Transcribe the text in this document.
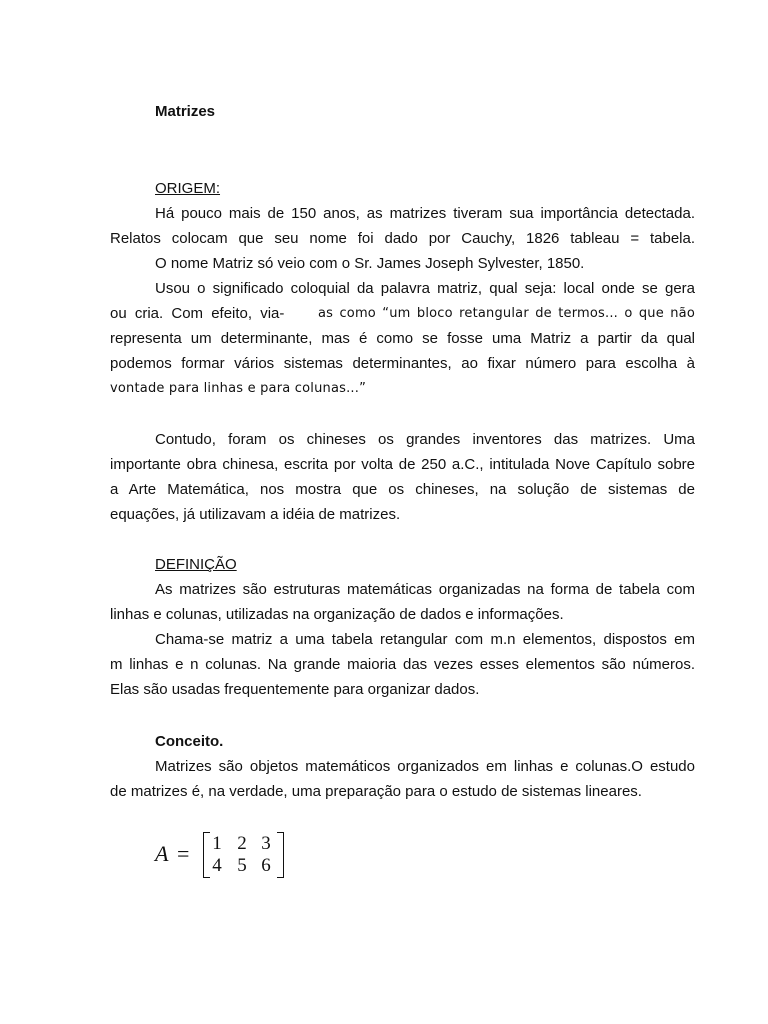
Matrizes
ORIGEM:
Há pouco mais de 150 anos, as matrizes tiveram sua importância detectada.
Relatos colocam que seu nome foi dado por Cauchy, 1826 tableau = tabela.
O nome Matriz só veio com o Sr. James Joseph Sylvester, 1850.
Usou o significado coloquial da palavra matriz, qual seja: local onde se gera
ou cria. Com efeito, via-	as como “um bloco retangular de termos... o que não
representa um determinante, mas é como se fosse uma Matriz a partir da qual
podemos formar vários sistemas determinantes, ao fixar número para escolha à
vontade para linhas e para colunas...”
Contudo, foram os chineses os grandes inventores das matrizes. Uma
importante obra chinesa, escrita por volta de 250 a.C., intitulada Nove Capítulo sobre
a Arte Matemática, nos mostra que os chineses, na solução de sistemas de
equações, já utilizavam a idéia de matrizes.
DEFINIÇÃO
As matrizes são estruturas matemáticas organizadas na forma de tabela com
linhas e colunas, utilizadas na organização de dados e informações.
Chama-se matriz a uma tabela retangular com m.n elementos, dispostos em
m linhas e n colunas. Na grande maioria das vezes esses elementos são números.
Elas são usadas frequentemente para organizar dados.
Conceito.
Matrizes são objetos matemáticos organizados em linhas e colunas.O estudo
de matrizes é, na verdade, uma preparação para o estudo de sistemas lineares.
A = 1 2 3
4 5 6
